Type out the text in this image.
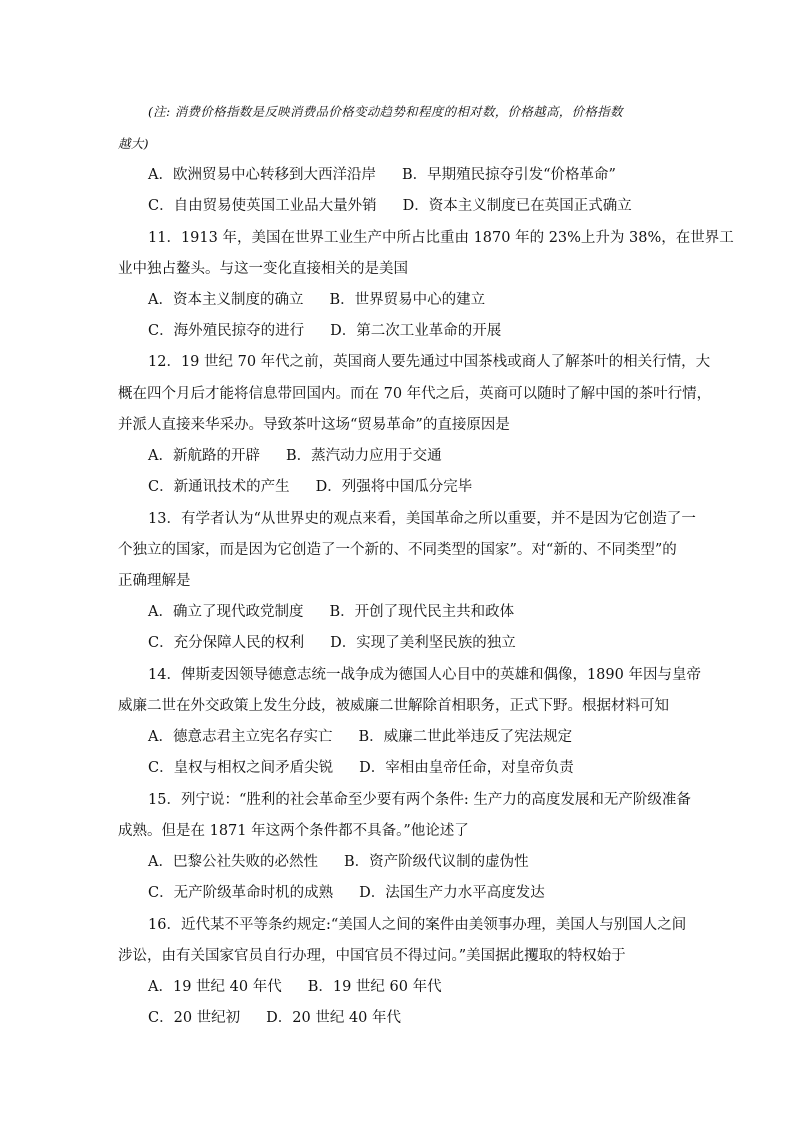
(注: 消费价格指数是反映消费品价格变动趋势和程度的相对数，价格越高，价格指数
越大)
A．欧洲贸易中心转移到大西洋沿岸 B．早期殖民掠夺引发“价格革命”
C．自由贸易使英国工业品大量外销 D．资本主义制度已在英国正式确立
11．1913 年，美国在世界工业生产中所占比重由 1870 年的 23%上升为 38%，在世界工
业中独占鳌头。与这一变化直接相关的是美国
A．资本主义制度的确立 B．世界贸易中心的建立
C．海外殖民掠夺的进行 D．第二次工业革命的开展
12．19 世纪 70 年代之前，英国商人要先通过中国茶栈或商人了解茶叶的相关行情，大
概在四个月后才能将信息带回国内。而在 70 年代之后，英商可以随时了解中国的茶叶行情，
并派人直接来华采办。导致茶叶这场“贸易革命”的直接原因是
A．新航路的开辟 B．蒸汽动力应用于交通
C．新通讯技术的产生 D．列强将中国瓜分完毕
13．有学者认为“从世界史的观点来看，美国革命之所以重要，并不是因为它创造了一
个独立的国家，而是因为它创造了一个新的、不同类型的国家”。对“新的、不同类型”的
正确理解是
A．确立了现代政党制度 B．开创了现代民主共和政体
C．充分保障人民的权利 D．实现了美利坚民族的独立
14．俾斯麦因领导德意志统一战争成为德国人心目中的英雄和偶像，1890 年因与皇帝
威廉二世在外交政策上发生分歧，被威廉二世解除首相职务，正式下野。根据材料可知
A．德意志君主立宪名存实亡 B．威廉二世此举违反了宪法规定
C．皇权与相权之间矛盾尖锐 D．宰相由皇帝任命，对皇帝负责
15．列宁说：“胜利的社会革命至少要有两个条件: 生产力的高度发展和无产阶级准备
成熟。但是在 1871 年这两个条件都不具备。”他论述了
A．巴黎公社失败的必然性 B．资产阶级代议制的虚伪性
C．无产阶级革命时机的成熟 D．法国生产力水平高度发达
16．近代某不平等条约规定:“美国人之间的案件由美领事办理，美国人与别国人之间
涉讼，由有关国家官员自行办理，中国官员不得过问。”美国据此攫取的特权始于
A．19 世纪 40 年代 B．19 世纪 60 年代
C．20 世纪初 D．20 世纪 40 年代
